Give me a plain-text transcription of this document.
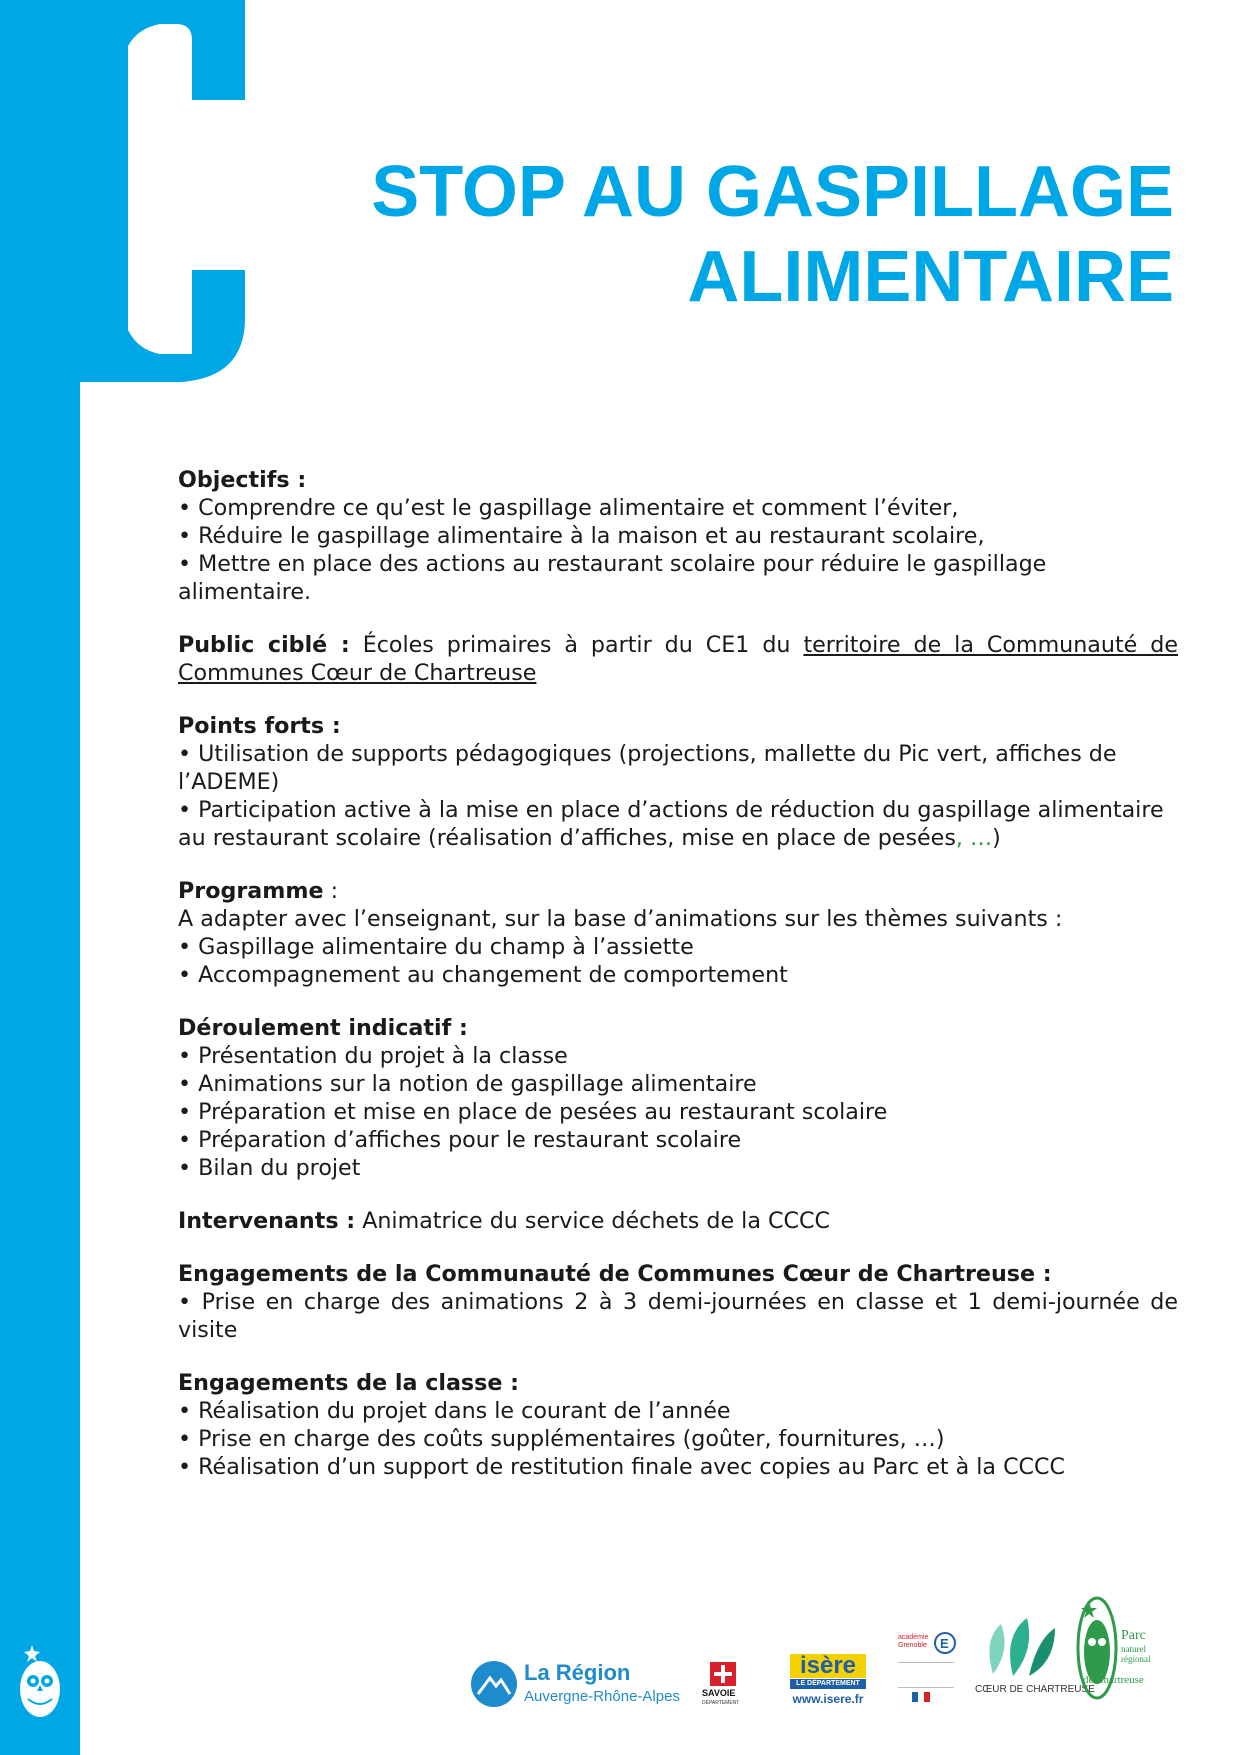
STOP AU GASPILLAGE
ALIMENTAIRE

Objectifs :

• Comprendre ce qu’est le gaspillage alimentaire et comment l’éviter,

• Réduire le gaspillage alimentaire à la maison et au restaurant scolaire,

• Mettre en place des actions au restaurant scolaire pour réduire le gaspillage alimentaire.

Public ciblé : Écoles primaires à partir du CE1 du territoire de la Communauté de Communes Cœur de Chartreuse

Points forts :

• Utilisation de supports pédagogiques (projections, mallette du Pic vert, affiches de l’ADEME)

• Participation active à la mise en place d’actions de réduction du gaspillage alimentaire au restaurant scolaire (réalisation d’affiches, mise en place de pesées, …)

Programme :

A adapter avec l’enseignant, sur la base d’animations sur les thèmes suivants :

• Gaspillage alimentaire du champ à l’assiette

• Accompagnement au changement de comportement

Déroulement indicatif :

• Présentation du projet à la classe

• Animations sur la notion de gaspillage alimentaire

• Préparation et mise en place de pesées au restaurant scolaire

• Préparation d’affiches pour le restaurant scolaire

• Bilan du projet

Intervenants : Animatrice du service déchets de la CCCC

Engagements de la Communauté de Communes Cœur de Chartreuse :

• Prise en charge des animations 2 à 3 demi-journées en classe et 1 demi-journée de visite

Engagements de la classe :

• Réalisation du projet dans le courant de l’année

• Prise en charge des coûts supplémentaires (goûter, fournitures, …)

• Réalisation d’un support de restitution finale avec copies au Parc et à la CCCC

La Région
Auvergne-Rhône-Alpes SAVOIE
DÉPARTEMENT
isère
LE DÉPARTEMENT
www.isere.fr
académie Grenoble	E
CŒUR DE CHARTREUSE
Parc
naturel
régional
de Chartreuse
